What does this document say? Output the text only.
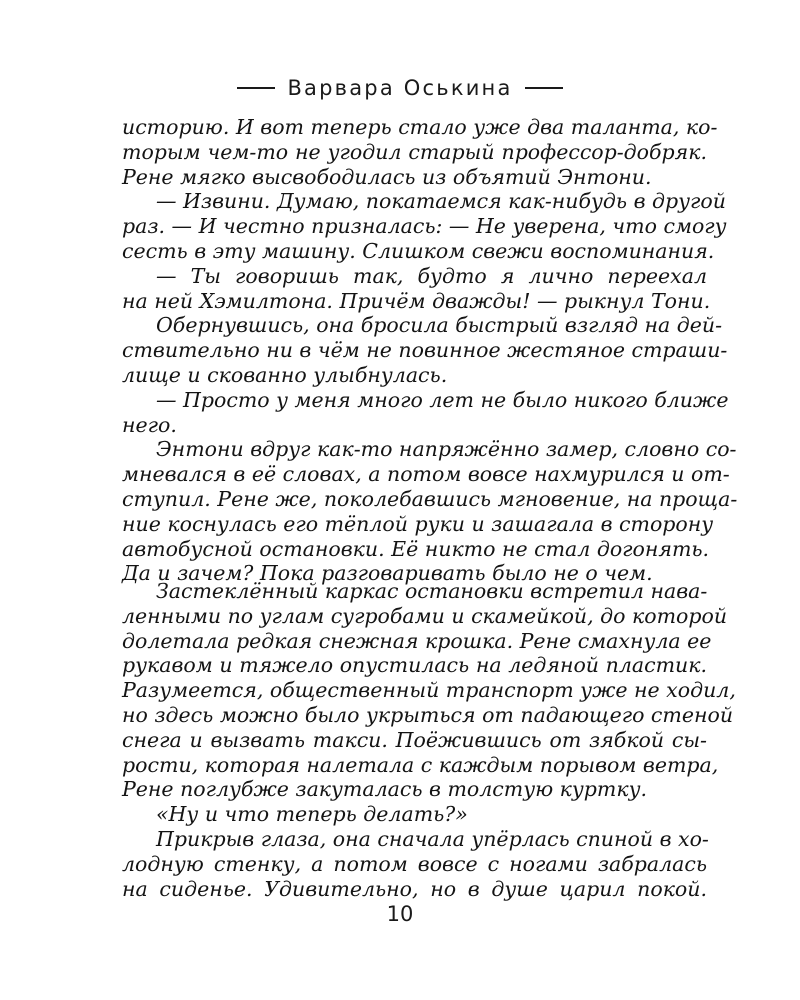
Варвара Оськина
историю. И вот теперь стало уже два таланта, ко-
торым чем-то не угодил старый профессор-добряк.
Рене мягко высвободилась из объятий Энтони.
— Извини. Думаю, покатаемся как-нибудь в другой
раз. — И честно призналась: — Не уверена, что смогу
сесть в эту машину. Слишком свежи воспоминания.
— Ты говоришь так, будто я лично переехал
на ней Хэмилтона. Причём дважды! — рыкнул Тони.
Обернувшись, она бросила быстрый взгляд на дей-
ствительно ни в чём не повинное жестяное страши-
лище и скованно улыбнулась.
— Просто у меня много лет не было никого ближе
него.
Энтони вдруг как-то напряжённо замер, словно со-
мневался в её словах, а потом вовсе нахмурился и от-
ступил. Рене же, поколебавшись мгновение, на проща-
ние коснулась его тёплой руки и зашагала в сторону
автобусной остановки. Её никто не стал догонять.
Да и зачем? Пока разговаривать было не о чем.
Застеклённый каркас остановки встретил нава-
ленными по углам сугробами и скамейкой, до которой
долетала редкая снежная крошка. Рене смахнула ее
рукавом и тяжело опустилась на ледяной пластик.
Разумеется, общественный транспорт уже не ходил,
но здесь можно было укрыться от падающего стеной
снега и вызвать такси. Поёжившись от зябкой сы-
рости, которая налетала с каждым порывом ветра,
Рене поглубже закуталась в толстую куртку.
«Ну и что теперь делать?»
Прикрыв глаза, она сначала упёрлась спиной в хо-
лодную стенку, а потом вовсе с ногами забралась
на сиденье. Удивительно, но в душе царил покой.
10
